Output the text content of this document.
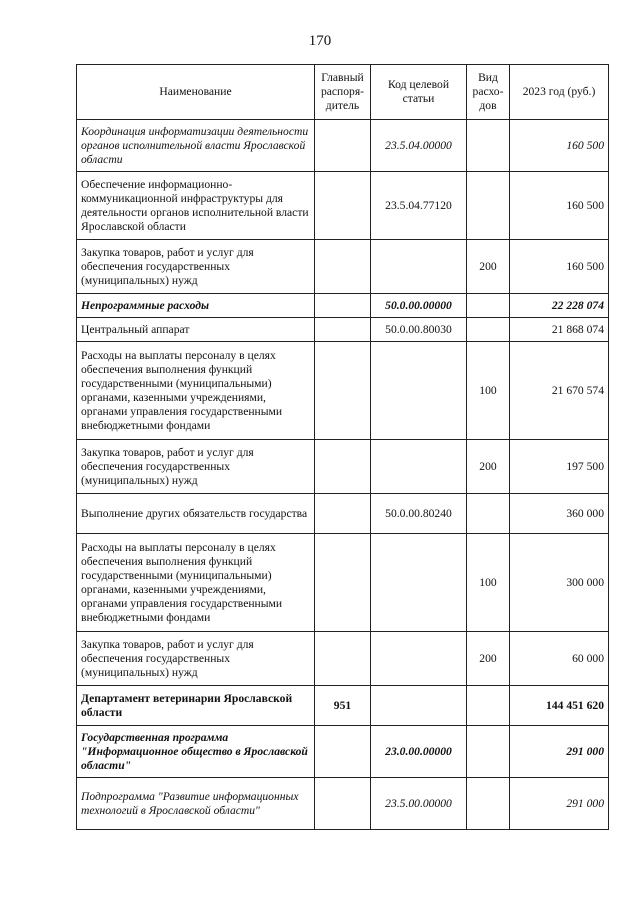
170
Наименование	Главный распоря-дитель	Код целевой статьи	Вид расхо-дов	2023 год (руб.)
Координация информатизации деятельности органов исполнительной власти Ярославской области		23.5.04.00000		160 500
Обеспечение информационно-коммуникационной инфраструктуры для деятельности органов исполнительной власти Ярославской области		23.5.04.77120		160 500
Закупка товаров, работ и услуг для обеспечения государственных (муниципальных) нужд			200	160 500
Непрограммные расходы		50.0.00.00000		22 228 074
Центральный аппарат		50.0.00.80030		21 868 074
Расходы на выплаты персоналу в целях обеспечения выполнения функций государственными (муниципальными) органами, казенными учреждениями, органами управления государственными внебюджетными фондами			100	21 670 574
Закупка товаров, работ и услуг для обеспечения государственных (муниципальных) нужд			200	197 500
Выполнение других обязательств государства		50.0.00.80240		360 000
Расходы на выплаты персоналу в целях обеспечения выполнения функций государственными (муниципальными) органами, казенными учреждениями, органами управления государственными внебюджетными фондами			100	300 000
Закупка товаров, работ и услуг для обеспечения государственных (муниципальных) нужд			200	60 000
Департамент ветеринарии Ярославской области	951			144 451 620
Государственная программа "Информационное общество в Ярославской области"		23.0.00.00000		291 000
Подпрограмма "Развитие информационных технологий в Ярославской области"		23.5.00.00000		291 000
